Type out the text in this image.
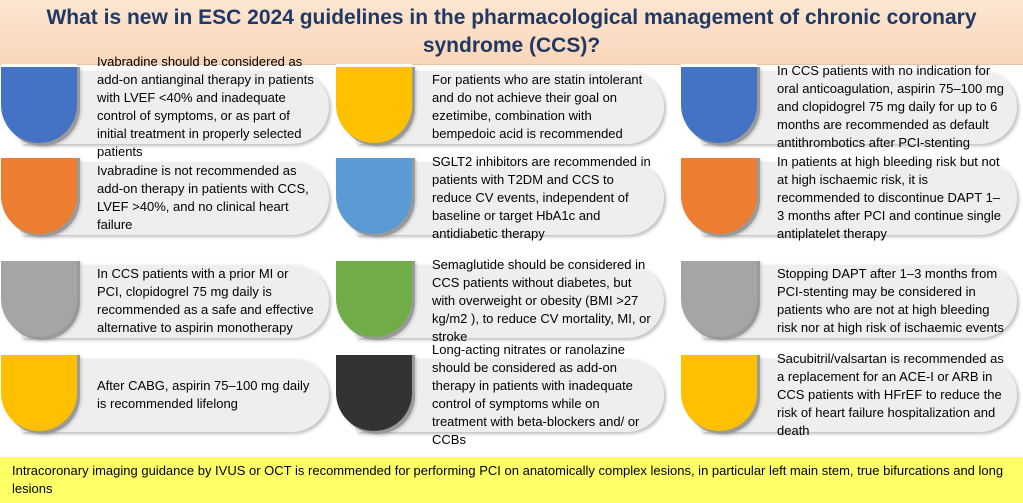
What is new in ESC 2024 guidelines in the pharmacological management of chronic coronary syndrome (CCS)?
add-on antianginal therapy in patients with LVEF <40% and inadequate control of symptoms, or as part of initial treatment in properly selected patients
For patients who are statin intolerant and do not achieve their goal on ezetimibe, combination with bempedoic acid is recommended
In CCS patients with no indication for oral anticoagulation, aspirin 75–100 mg and clopidogrel 75 mg daily for up to 6 months are recommended as default antithrombotics after PCI-stenting
Ivabradine is not recommended as add-on therapy in patients with CCS, LVEF >40%, and no clinical heart failure
SGLT2 inhibitors are recommended in patients with T2DM and CCS to reduce CV events, independent of baseline or target HbA1c and antidiabetic therapy
In patients at high bleeding risk but not at high ischaemic risk, it is recommended to discontinue DAPT 1–3 months after PCI and continue single antiplatelet therapy
In CCS patients with a prior MI or PCI, clopidogrel 75 mg daily is recommended as a safe and effective alternative to aspirin monotherapy
Semaglutide should be considered in CCS patients without diabetes, but with overweight or obesity (BMI >27 kg/m2 ), to reduce CV mortality, MI, or stroke
Stopping DAPT after 1–3 months from PCI-stenting may be considered in patients who are not at high bleeding risk nor at high risk of ischaemic events
After CABG, aspirin 75–100 mg daily is recommended lifelong
Long-acting nitrates or ranolazine should be considered as add-on therapy in patients with inadequate control of symptoms while on treatment with beta-blockers and/ or CCBs
Sacubitril/valsartan is recommended as a replacement for an ACE-I or ARB in CCS patients with HFrEF to reduce the risk of heart failure hospitalization and death
Intracoronary imaging guidance by IVUS or OCT is recommended for performing PCI on anatomically complex lesions, in particular left main stem, true bifurcations and long lesions
